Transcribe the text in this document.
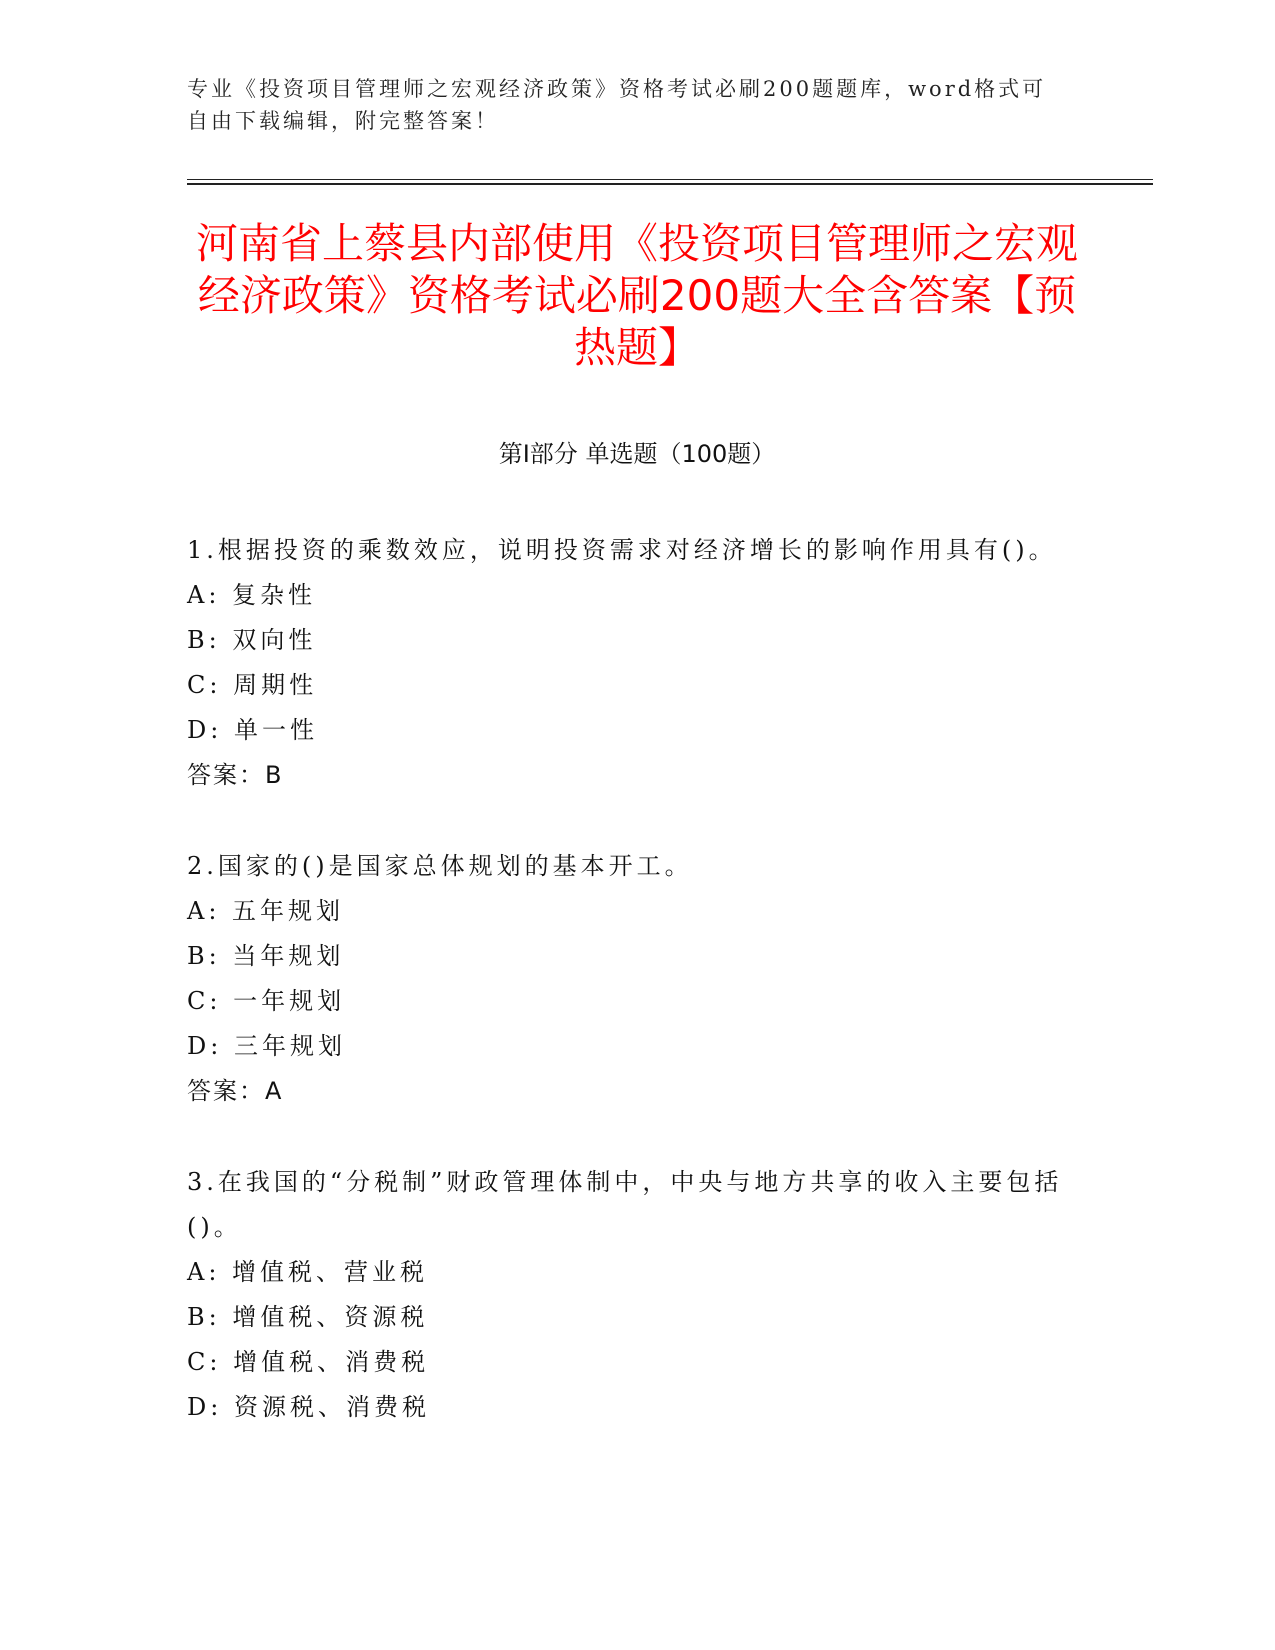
专业《投资项目管理师之宏观经济政策》资格考试必刷200题题库，word格式可自由下载编辑，附完整答案！
河南省上蔡县内部使用《投资项目管理师之宏观经济政策》资格考试必刷200题大全含答案【预热题】
第I部分 单选题（100题）
1.根据投资的乘数效应，说明投资需求对经济增长的影响作用具有()。
A: 复杂性
B: 双向性
C: 周期性
D: 单一性
答案：B
2.国家的()是国家总体规划的基本开工。
A: 五年规划
B: 当年规划
C: 一年规划
D: 三年规划
答案：A
3.在我国的“分税制”财政管理体制中，中央与地方共享的收入主要包括()。
A: 增值税、营业税
B: 增值税、资源税
C: 增值税、消费税
D: 资源税、消费税
